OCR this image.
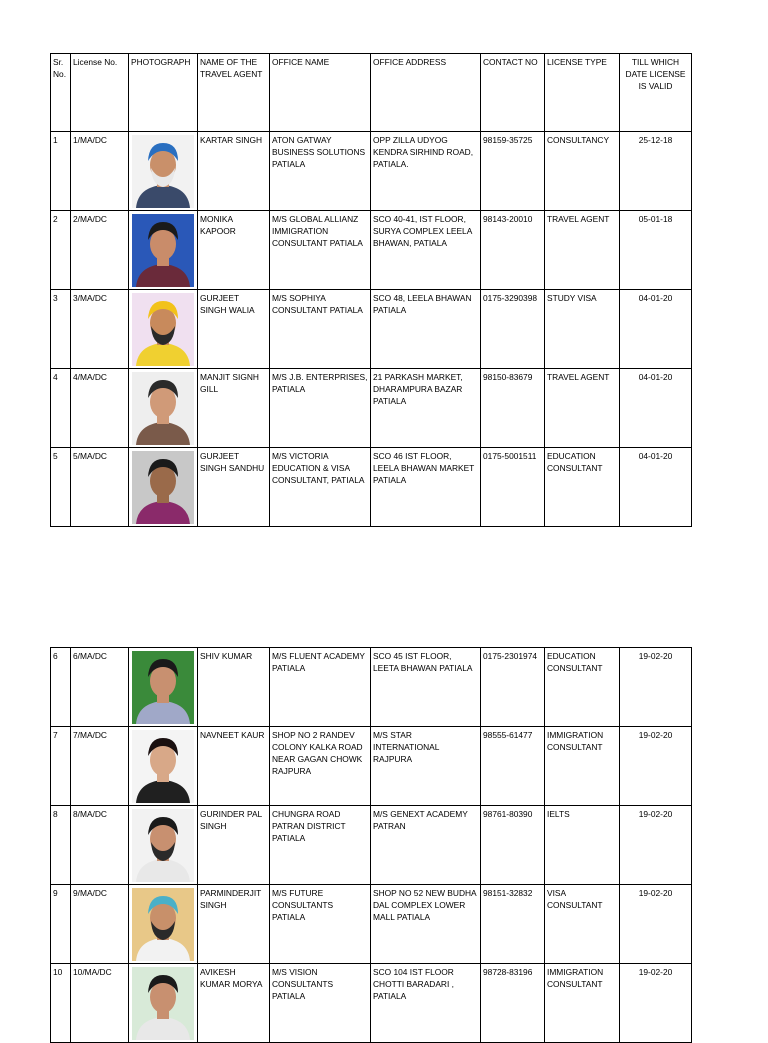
Sr. No.	License No.	PHOTOGRAPH	NAME OF THE TRAVEL AGENT	OFFICE NAME	OFFICE ADDRESS	CONTACT NO	LICENSE TYPE	TILL WHICH DATE LICENSE IS VALID
1	1/MA/DC		KARTAR SINGH	ATON GATWAY BUSINESS SOLUTIONS PATIALA	OPP ZILLA UDYOG KENDRA SIRHIND ROAD, PATIALA.	98159-35725	CONSULTANCY	25-12-18
2	2/MA/DC		MONIKA KAPOOR	M/S GLOBAL ALLIANZ IMMIGRATION CONSULTANT PATIALA	SCO 40-41, IST FLOOR, SURYA COMPLEX LEELA BHAWAN, PATIALA	98143-20010	TRAVEL AGENT	05-01-18
3	3/MA/DC		GURJEET SINGH WALIA	M/S SOPHIYA CONSULTANT PATIALA	SCO 48, LEELA BHAWAN PATIALA	0175-3290398	STUDY VISA	04-01-20
4	4/MA/DC		MANJIT SIGNH GILL	M/S J.B. ENTERPRISES, PATIALA	21 PARKASH MARKET, DHARAMPURA BAZAR PATIALA	98150-83679	TRAVEL AGENT	04-01-20
5	5/MA/DC		GURJEET SINGH SANDHU	M/S VICTORIA EDUCATION & VISA CONSULTANT, PATIALA	SCO 46 IST FLOOR, LEELA BHAWAN MARKET PATIALA	0175-5001511	EDUCATION CONSULTANT	04-01-20
6	6/MA/DC		SHIV KUMAR	M/S FLUENT ACADEMY PATIALA	SCO 45 IST FLOOR, LEETA BHAWAN PATIALA	0175-2301974	EDUCATION CONSULTANT	19-02-20
7	7/MA/DC		NAVNEET KAUR	SHOP NO 2 RANDEV COLONY KALKA ROAD NEAR GAGAN CHOWK RAJPURA	M/S STAR INTERNATIONAL RAJPURA	98555-61477	IMMIGRATION CONSULTANT	19-02-20
8	8/MA/DC		GURINDER PAL SINGH	CHUNGRA ROAD PATRAN DISTRICT PATIALA	M/S GENEXT ACADEMY PATRAN	98761-80390	IELTS	19-02-20
9	9/MA/DC		PARMINDERJIT SINGH	M/S FUTURE CONSULTANTS PATIALA	SHOP NO 52 NEW BUDHA DAL COMPLEX LOWER MALL PATIALA	98151-32832	VISA CONSULTANT	19-02-20
10	10/MA/DC		AVIKESH KUMAR MORYA	M/S VISION CONSULTANTS PATIALA	SCO 104 IST FLOOR CHOTTI BARADARI , PATIALA	98728-83196	IMMIGRATION CONSULTANT	19-02-20
